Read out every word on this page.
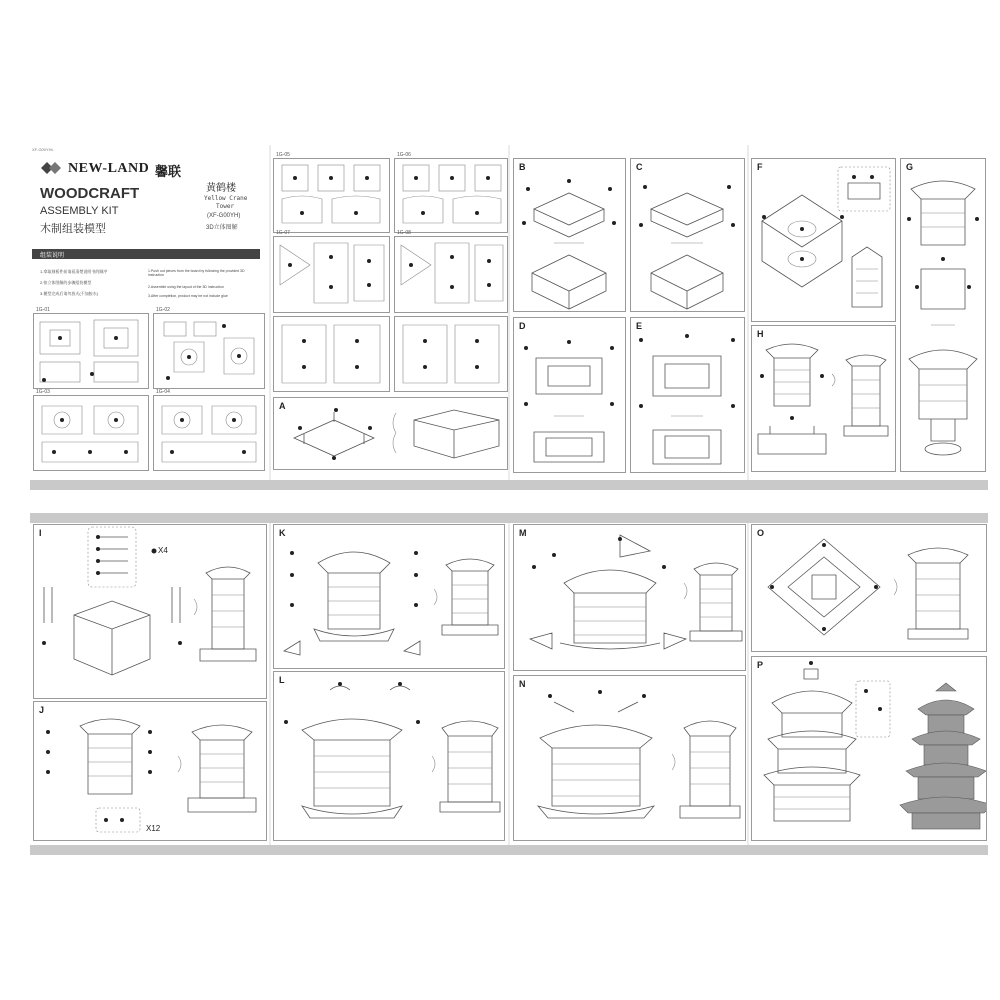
XF-G00YHL
NEW-LAND 馨联
WOODCRAFT
ASSEMBLY KIT
木制组装模型
黄鹤楼
Yellow Crane
Tower
(XF-G00YH)
3D立体图解
组装说明
1.拿取刻板件前请看清楚说明书的顺序
2.按立体图解的步骤组装模型
3.模型完成后请勿放火(不加胶水)
1.Push out pieces from the board by following the provided 3D instruction
2.Assemble using the layout of the 3D instruction
3.After completion, product may be not include glue
1G-01	1G-02
1G-03	1G-04
1G-05	1G-06
1G-07	1G-08
A
B	C
D	E
F	G
H
I
X4
J
X12
K
L
M
N
O
P
